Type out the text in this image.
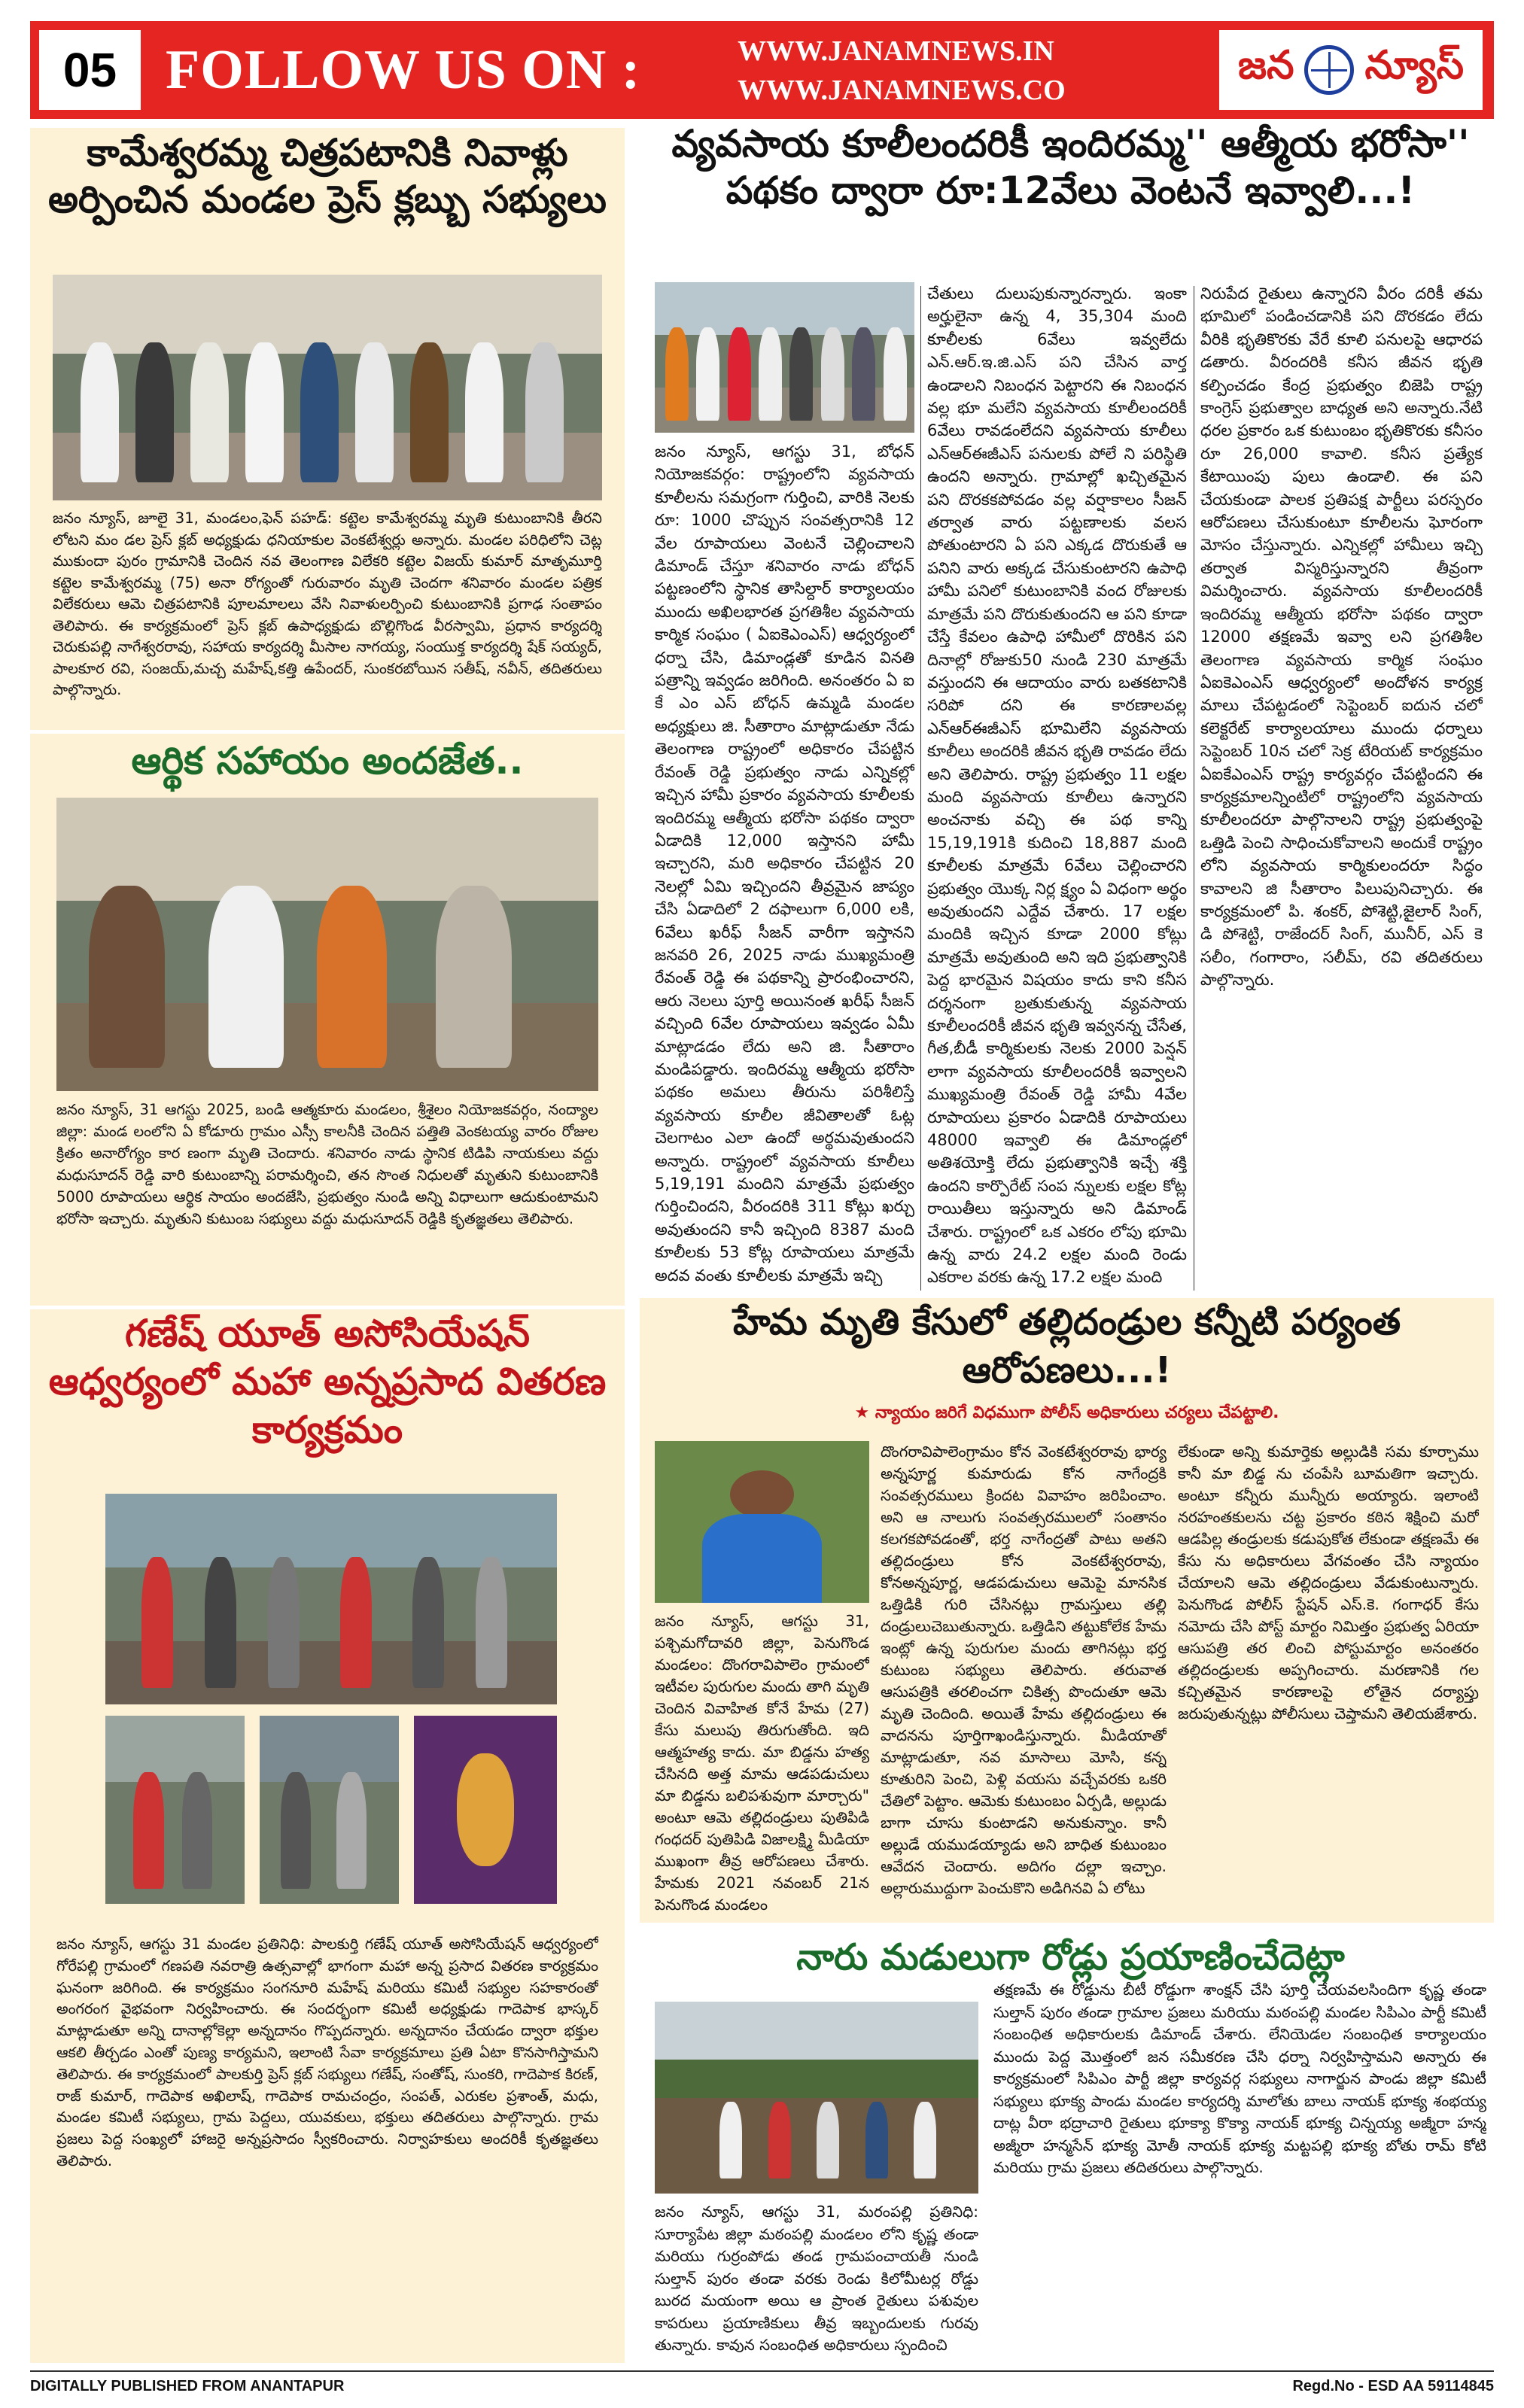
05 FOLLOW US ON :	WWW.JANAMNEWS.IN
WWW.JANAMNEWS.CO
జన న్యూస్
కామేశ్వరమ్మ చిత్రపటానికి నివాళ్లు అర్పించిన మండల ప్రెస్ క్లబ్బు సభ్యులు
జనం న్యూస్, జూలై 31, మండలం,ఫెన్ పహడ్: కట్టెల కామేశ్వరమ్మ మృతి కుటుంబానికి తీరని లోటని మం డల ప్రెస్ క్లబ్ అధ్యక్షుడు ధనియాకుల వెంకటేశ్వర్లు అన్నారు. మండల పరిధిలోని చెట్ల ముకుందా పురం గ్రామానికి చెందిన నవ తెలంగాణ విలేకరి కట్టెల విజయ్ కుమార్ మాతృమూర్తి కట్టెల కామేశ్వరమ్మ (75) అనా రోగ్యంతో గురువారం మృతి చెందగా శనివారం మండల పత్రిక విలేకరులు ఆమె చిత్రపటానికి పూలమాలలు వేసి నివాళులర్పించి కుటుంబానికి ప్రగాఢ సంతాపం తెలిపారు. ఈ కార్యక్రమంలో ప్రెస్ క్లబ్ ఉపాధ్యక్షుడు బొల్లిగొండ వీరస్వామి, ప్రధాన కార్యదర్శి చెరుకుపల్లి నాగేశ్వరరావు, సహాయ కార్యదర్శి మీసాల నాగయ్య, సంయుక్త కార్యదర్శి షేక్ సయ్యద్, పాలకూర రవి, సంజయ్,మచ్చ మహేష్,కత్తి ఉపేందర్, సుంకరబోయిన సతీష్, నవీన్, తదితరులు పాల్గొన్నారు.
ఆర్థిక సహాయం అందజేత..
జనం న్యూస్, 31 ఆగస్టు 2025, బండి ఆత్మకూరు మండలం, శ్రీశైలం నియోజకవర్గం, నంద్యాల జిల్లా: మండ లంలోని ఏ కోడూరు గ్రామం ఎస్సీ కాలనీకి చెందిన పత్తితి వెంకటయ్య వారం రోజుల క్రితం అనారోగ్యం కార ణంగా మృతి చెందారు. శనివారం నాడు స్థానిక టిడిపి నాయకులు వద్దు మధుసూదన్ రెడ్డి వారి కుటుంబాన్ని పరామర్శించి, తన సొంత నిధులతో మృతుని కుటుంబానికి 5000 రూపాయలు ఆర్థిక సాయం అందజేసి, ప్రభుత్వం నుండి అన్ని విధాలుగా ఆదుకుంటామని భరోసా ఇచ్చారు. మృతుని కుటుంబ సభ్యులు వద్దు మధుసూదన్ రెడ్డికి కృతజ్ఞతలు తెలిపారు.
గణేష్ యూత్ అసోసియేషన్ ఆధ్వర్యంలో మహా అన్నప్రసాద వితరణ కార్యక్రమం
జనం న్యూస్, ఆగస్టు 31 మండల ప్రతినిధి: పాలకుర్తి గణేష్ యూత్ అసోసియేషన్ ఆధ్వర్యంలో గోరేపల్లి గ్రామంలో గణపతి నవరాత్రి ఉత్సవాల్లో భాగంగా మహా అన్న ప్రసాద వితరణ కార్యక్రమం ఘనంగా జరిగింది. ఈ కార్యక్రమం సంగనూరి మహేష్ మరియు కమిటీ సభ్యుల సహకారంతో అంగరంగ వైభవంగా నిర్వహించారు. ఈ సందర్భంగా కమిటీ అధ్యక్షుడు గాదెపాక భాస్కర్ మాట్లాడుతూ అన్ని దానాల్లోకెల్లా అన్నదానం గొప్పదన్నారు. అన్నదానం చేయడం ద్వారా భక్తుల ఆకలి తీర్చడం ఎంతో పుణ్య కార్యమని, ఇలాంటి సేవా కార్యక్రమాలు ప్రతి ఏటా కొనసాగిస్తామని తెలిపారు. ఈ కార్యక్రమంలో పాలకుర్తి ప్రెస్ క్లబ్ సభ్యులు గణేష్, సంతోష్, సుంకరి, గాదెపాక కిరణ్, రాజ్ కుమార్, గాదెపాక అఖిలాష్, గాదెపాక రామచంద్రం, సంపత్, ఎరుకల ప్రశాంత్, మధు, మండల కమిటీ సభ్యులు, గ్రామ పెద్దలు, యువకులు, భక్తులు తదితరులు పాల్గొన్నారు. గ్రామ ప్రజలు పెద్ద సంఖ్యలో హాజరై అన్నప్రసాదం స్వీకరించారు. నిర్వాహకులు అందరికీ కృతజ్ఞతలు తెలిపారు.
వ్యవసాయ కూలీలందరికీ ఇందిరమ్మ'' ఆత్మీయ భరోసా'' పథకం ద్వారా రూ:12వేలు వెంటనే ఇవ్వాలి...!
జనం న్యూస్, ఆగస్టు 31, బోధన్ నియోజకవర్గం: రాష్ట్రంలోని వ్యవసాయ కూలీలను సమగ్రంగా గుర్తించి, వారికి నెలకు రూ: 1000 చొప్పున సంవత్సరానికి 12 వేల రూపాయలు వెంటనే చెల్లించాలని డిమాండ్ చేస్తూ శనివారం నాడు బోధన్ పట్టణంలోని స్థానిక తాసిల్దార్ కార్యాలయం ముందు అఖిలభారత ప్రగతిశీల వ్యవసాయ కార్మిక సంఘం ( ఏఐకెఎంఎస్) ఆధ్వర్యంలో ధర్నా చేసి, డిమాండ్లతో కూడిన వినతి పత్రాన్ని ఇవ్వడం జరిగింది. అనంతరం ఏ ఐ కే ఎం ఎస్ బోధన్ ఉమ్మడి మండల అధ్యక్షులు జి. సీతారాం మాట్లాడుతూ నేడు తెలంగాణ రాష్ట్రంలో అధికారం చేపట్టిన రేవంత్ రెడ్డి ప్రభుత్వం నాడు ఎన్నికల్లో ఇచ్చిన హామీ ప్రకారం వ్యవసాయ కూలీలకు ఇందిరమ్మ ఆత్మీయ భరోసా పథకం ద్వారా ఏడాదికి 12,000 ఇస్తానని హామీ ఇచ్చారని, మరి అధికారం చేపట్టిన 20 నెలల్లో ఏమి ఇచ్చిందని తీవ్రమైన జాప్యం చేసి ఏడాదిలో 2 దఫాలుగా 6,000 లకి, 6వేలు ఖరీఫ్ సీజన్ వారీగా ఇస్తానని జనవరి 26, 2025 నాడు ముఖ్యమంత్రి రేవంత్ రెడ్డి ఈ పథకాన్ని ప్రారంభించారని, ఆరు నెలలు పూర్తి అయినంత ఖరీఫ్ సీజన్ వచ్చింది 6వేల రూపాయలు ఇవ్వడం ఏమీ మాట్లాడడం లేదు అని జి. సీతారాం మండిపడ్డారు. ఇందిరమ్మ ఆత్మీయ భరోసా పథకం అమలు తీరును పరిశీలిస్తే వ్యవసాయ కూలీల జీవితాలతో ఓట్ల చెలగాటం ఎలా ఉందో అర్థమవుతుందని అన్నారు. రాష్ట్రంలో వ్యవసాయ కూలీలు 5,19,191 మందిని మాత్రమే ప్రభుత్వం గుర్తించిందని, వీరందరికి 311 కోట్లు ఖర్చు అవుతుందని కానీ ఇచ్చింది 8387 మంది కూలీలకు 53 కోట్ల రూపాయలు మాత్రమే అదవ వంతు కూలీలకు మాత్రమే ఇచ్చి
చేతులు దులుపుకున్నారన్నారు. ఇంకా అర్హులైనా ఉన్న 4, 35,304 మంది కూలీలకు 6వేలు ఇవ్వలేదు ఎన్.ఆర్.ఇ.జి.ఎస్ పని చేసిన వార్త ఉండాలని నిబంధన పెట్టారని ఈ నిబంధన వల్ల భూ మలేని వ్యవసాయ కూలీలందరికీ 6వేలు రావడంలేదని వ్యవసాయ కూలీలు ఎన్ఆర్ఈజీఎస్ పనులకు పోలే ని పరిస్థితి ఉందని అన్నారు. గ్రామాల్లో ఖచ్చితమైన పని దొరకకపోవడం వల్ల వర్షాకాలం సీజన్ తర్వాత వారు పట్టణాలకు వలస పోతుంటారని ఏ పని ఎక్కడ దొరుకుతే ఆ పనిని వారు అక్కడ చేసుకుంటారని ఉపాధి హామీ పనిలో కుటుంబానికి వంద రోజులకు మాత్రమే పని దొరుకుతుందని ఆ పని కూడా చేస్తే కేవలం ఉపాధి హామీలో దొరికిన పని దినాల్లో రోజుకు50 నుండి 230 మాత్రమే వస్తుందని ఈ ఆదాయం వారు బతకటానికి సరిపో దని ఈ కారణాలవల్ల ఎన్ఆర్ఈజీఎస్ భూమిలేని వ్యవసాయ కూలీలు అందరికి జీవన భృతి రావడం లేదు అని తెలిపారు. రాష్ట్ర ప్రభుత్వం 11 లక్షల మంది వ్యవసాయ కూలీలు ఉన్నారని అంచనాకు వచ్చి ఈ పథ కాన్ని 15,19,191కి కుదించి 18,887 మంది కూలీలకు మాత్రమే 6వేలు చెల్లించారని ప్రభుత్వం యొక్క నిర్ల క్ష్యం ఏ విధంగా అర్థం అవుతుందని ఎద్దేవ చేశారు. 17 లక్షల మందికి ఇచ్చిన కూడా 2000 కోట్లు మాత్రమే అవుతుంది అని ఇది ప్రభుత్వానికి పెద్ద భారమైన విషయం కాదు కాని కనీస దర్శనంగా బ్రతుకుతున్న వ్యవసాయ కూలీలందరికీ జీవన భృతి ఇవ్వనన్న చేసేత, గీత,బీడీ కార్మికులకు నెలకు 2000 పెన్షన్ లాగా వ్యవసాయ కూలీలందరికీ ఇవ్వాలని ముఖ్యమంత్రి రేవంత్ రెడ్డి హామీ 4వేల రూపాయలు ప్రకారం ఏడాదికి రూపాయలు 48000 ఇవ్వాలి ఈ డిమాండ్లలో అతిశయోక్తి లేదు ప్రభుత్వానికి ఇచ్చే శక్తి ఉందని కార్పొరేట్ సంప న్నులకు లక్షల కోట్ల రాయితీలు ఇస్తున్నారు అని డిమాండ్ చేశారు. రాష్ట్రంలో ఒక ఎకరం లోపు భూమి ఉన్న వారు 24.2 లక్షల మంది రెండు ఎకరాల వరకు ఉన్న 17.2 లక్షల మంది
నిరుపేద రైతులు ఉన్నారని వీరం దరికీ తమ భూమిలో పండించడానికి పని దొరకడం లేదు వీరికి భృతికొరకు వేరే కూలి పనులపై ఆధారప డతారు. వీరందరికి కనీస జీవన భృతి కల్పించడం కేంద్ర ప్రభుత్వం బిజెపి రాష్ట్ర కాంగ్రెస్ ప్రభుత్వాల బాధ్యత అని అన్నారు.నేటి ధరల ప్రకారం ఒక కుటుంబం భృతికొరకు కనీసం రూ 26,000 కావాలి. కనీస ప్రత్యేక కేటాయింపు పులు ఉండాలి. ఈ పని చేయకుండా పాలక ప్రతిపక్ష పార్టీలు పరస్పరం ఆరోపణలు చేసుకుంటూ కూలీలను ఘోరంగా మోసం చేస్తున్నారు. ఎన్నికల్లో హామీలు ఇచ్చి తర్వాత విస్మరిస్తున్నారని తీవ్రంగా విమర్శించారు. వ్యవసాయ కూలీలందరికీ ఇందిరమ్మ ఆత్మీయ భరోసా పథకం ద్వారా 12000 తక్షణమే ఇవ్వా లని ప్రగతిశీల తెలంగాణ వ్యవసాయ కార్మిక సంఘం ఏఐకెఎంఎస్ ఆధ్వర్యంలో అందోళన కార్యక్ర మాలు చేపట్టడంలో సెప్టెంబర్ ఐదున చలో కలెక్టరేట్ కార్యాలయాలు ముందు ధర్నాలు సెప్టెంబర్ 10న చలో సెక్ర టేరియట్ కార్యక్రమం ఏఐకేఎంఎస్ రాష్ట్ర కార్యవర్గం చేపట్టిందని ఈ కార్యక్రమాలన్నింటిలో రాష్ట్రంలోని వ్యవసాయ కూలీలందరూ పాల్గొనాలని రాష్ట్ర ప్రభుత్వంపై ఒత్తిడి పెంచి సాధించుకోవాలని అందుకే రాష్ట్రం లోని వ్యవసాయ కార్మికులందరూ సిద్ధం కావాలని జి సీతారాం పిలుపునిచ్చారు. ఈ కార్యక్రమంలో పి. శంకర్, పోశెట్టి,జైలార్ సింగ్, డి పోశెట్టి, రాజేందర్ సింగ్, మునీర్, ఎస్ కె సలీం, గంగారాం, సలీమ్, రవి తదితరులు పాల్గొన్నారు.
హేమ మృతి కేసులో తల్లిదండ్రుల కన్నీటి పర్యంత ఆరోపణలు...!
★ న్యాయం జరిగే విధముగా పోలీస్ అధికారులు చర్యలు చేపట్టాలి.
జనం న్యూస్, ఆగస్టు 31, పశ్చిమగోదావరి జిల్లా, పెనుగొండ మండలం: దొంగరావిపాలెం గ్రామంలో ఇటీవల పురుగుల మందు తాగి మృతి చెందిన వివాహిత కోనే హేమ (27) కేసు మలుపు తిరుగుతోంది. ఇది ఆత్మహత్య కాదు. మా బిడ్డను హత్య చేసినది అత్త మామ ఆడపడుచులు మా బిడ్డను బలిపశువుగా మార్చారు" అంటూ ఆమె తల్లిదండ్రులు పుతిపిడి గంధదర్ పుతిపిడి విజాలక్ష్మి మీడియా ముఖంగా తీవ్ర ఆరోపణలు చేశారు. హేమకు 2021 నవంబర్ 21న పెనుగొండ మండలం
దొంగరావిపాలెంగ్రామం కోన వెంకటేశ్వరరావు భార్య అన్నపూర్ణ కుమారుడు కోన నాగేంద్రకి సంవత్సరములు క్రిందట వివాహం జరిపించాం. అని ఆ నాలుగు సంవత్సరములలో సంతానం కలగకపోవడంతో, భర్త నాగేంద్రతో పాటు అతని తల్లిదండ్రులు కోన వెంకటేశ్వరరావు, కోనఅన్నపూర్ణ, ఆడపడుచులు ఆమెపై మానసిక ఒత్తిడికి గురి చేసినట్లు గ్రామస్తులు తల్లి దండ్రులుచెబుతున్నారు. ఒత్తిడిని తట్టుకోలేక హేమ ఇంట్లో ఉన్న పురుగుల మందు తాగినట్లు భర్త కుటుంబ సభ్యులు తెలిపారు. తరువాత ఆసుపత్రికి తరలించగా చికిత్స పొందుతూ ఆమె మృతి చెందింది. అయితే హేమ తల్లిదండ్రులు ఈ వాదనను పూర్తిగాఖండిస్తున్నారు. మీడియాతో మాట్లాడుతూ, నవ మాసాలు మోసి, కన్న కూతురిని పెంచి, పెళ్లి వయసు వచ్చేవరకు ఒకరి చేతిలో పెట్టాం. ఆమెకు కుటుంబం ఏర్పడి, అల్లుడు బాగా చూసు కుంటాడని అనుకున్నాం. కానీ అల్లుడే యముడయ్యాడు అని బాధిత కుటుంబం ఆవేదన చెందారు. అదిగం దల్లా ఇచ్చాం. అల్లారుముద్దుగా పెంచుకొని అడిగినవి ఏ లోటు
లేకుండా అన్ని కుమార్తెకు అల్లుడికి సమ కూర్చాము కానీ మా బిడ్డ ను చంపేసి బూమతిగా ఇచ్చారు. అంటూ కన్నీరు మున్నీరు అయ్యారు. ఇలాంటి నరహంతకులను చట్ట ప్రకారం కఠిన శిక్షించి మరో ఆడపిల్ల తండ్రులకు కడుపుకోత లేకుండా తక్షణమే ఈ కేసు ను అధికారులు వేగవంతం చేసి న్యాయం చేయాలని ఆమె తల్లిదండ్రులు వేడుకుంటున్నారు. పెనుగొండ పోలీస్ స్టేషన్ ఎస్.కె. గంగాధర్ కేసు నమోదు చేసి పోస్ట్ మార్టం నిమిత్తం ప్రభుత్వ ఏరియా ఆసుపత్రి తర లించి పోస్టుమార్టం అనంతరం తల్లిదండ్రులకు అప్పగించారు. మరణానికి గల కచ్చితమైన కారణాలపై లోతైన దర్యాప్తు జరుపుతున్నట్లు పోలీసులు చెప్తామని తెలియజేశారు.
నారు మడులుగా రోడ్లు ప్రయాణించేదెట్లా
జనం న్యూస్, ఆగస్టు 31, మరంపల్లి ప్రతినిధి: సూర్యాపేట జిల్లా మఠంపల్లి మండలం లోని కృష్ణ తండా మరియు గుర్రంపోడు తండ గ్రామపంచాయతీ నుండి సుల్తాన్ పురం తండా వరకు రెండు కిలోమీటర్ల రోడ్డు బురద మయంగా అయి ఆ ప్రాంత రైతులు పశువుల కాపరులు ప్రయాణికులు తీవ్ర ఇబ్బందులకు గురవు తున్నారు. కావున సంబంధిత అధికారులు స్పందించి
తక్షణమే ఈ రోడ్డును బీటీ రోడ్డుగా శాంక్షన్ చేసి పూర్తి చేయవలసిందిగా కృష్ణ తండా సుల్తాన్ పురం తండా గ్రామాల ప్రజలు మరియు మఠంపల్లి మండల సిపిఎం పార్టీ కమిటీ సంబంధిత అధికారులకు డిమాండ్ చేశారు. లేనియెడల సంబంధిత కార్యాలయం ముందు పెద్ద మొత్తంలో జన సమీకరణ చేసి ధర్నా నిర్వహిస్తామని అన్నారు ఈ కార్యక్రమంలో సిపిఎం పార్టీ జిల్లా కార్యవర్గ సభ్యులు నాగార్జున పాండు జిల్లా కమిటీ సభ్యులు భూక్య పాండు మండల కార్యదర్శి మాలోతు బాలు నాయక్ భూక్య శంభయ్య దాట్ల వీరా భద్రాచారి రైతులు భూక్యా కొక్యా నాయక్ భూక్య చిన్నయ్య అజ్మీరా హన్మ అజ్మీరా హన్మసేన్ భూక్య మోతీ నాయక్ భూక్య మట్టపల్లి భూక్య బోతు రామ్ కోటి మరియు గ్రామ ప్రజలు తదితరులు పాల్గొన్నారు.
DIGITALLY PUBLISHED FROM ANANTAPUR	Regd.No - ESD AA 59114845
